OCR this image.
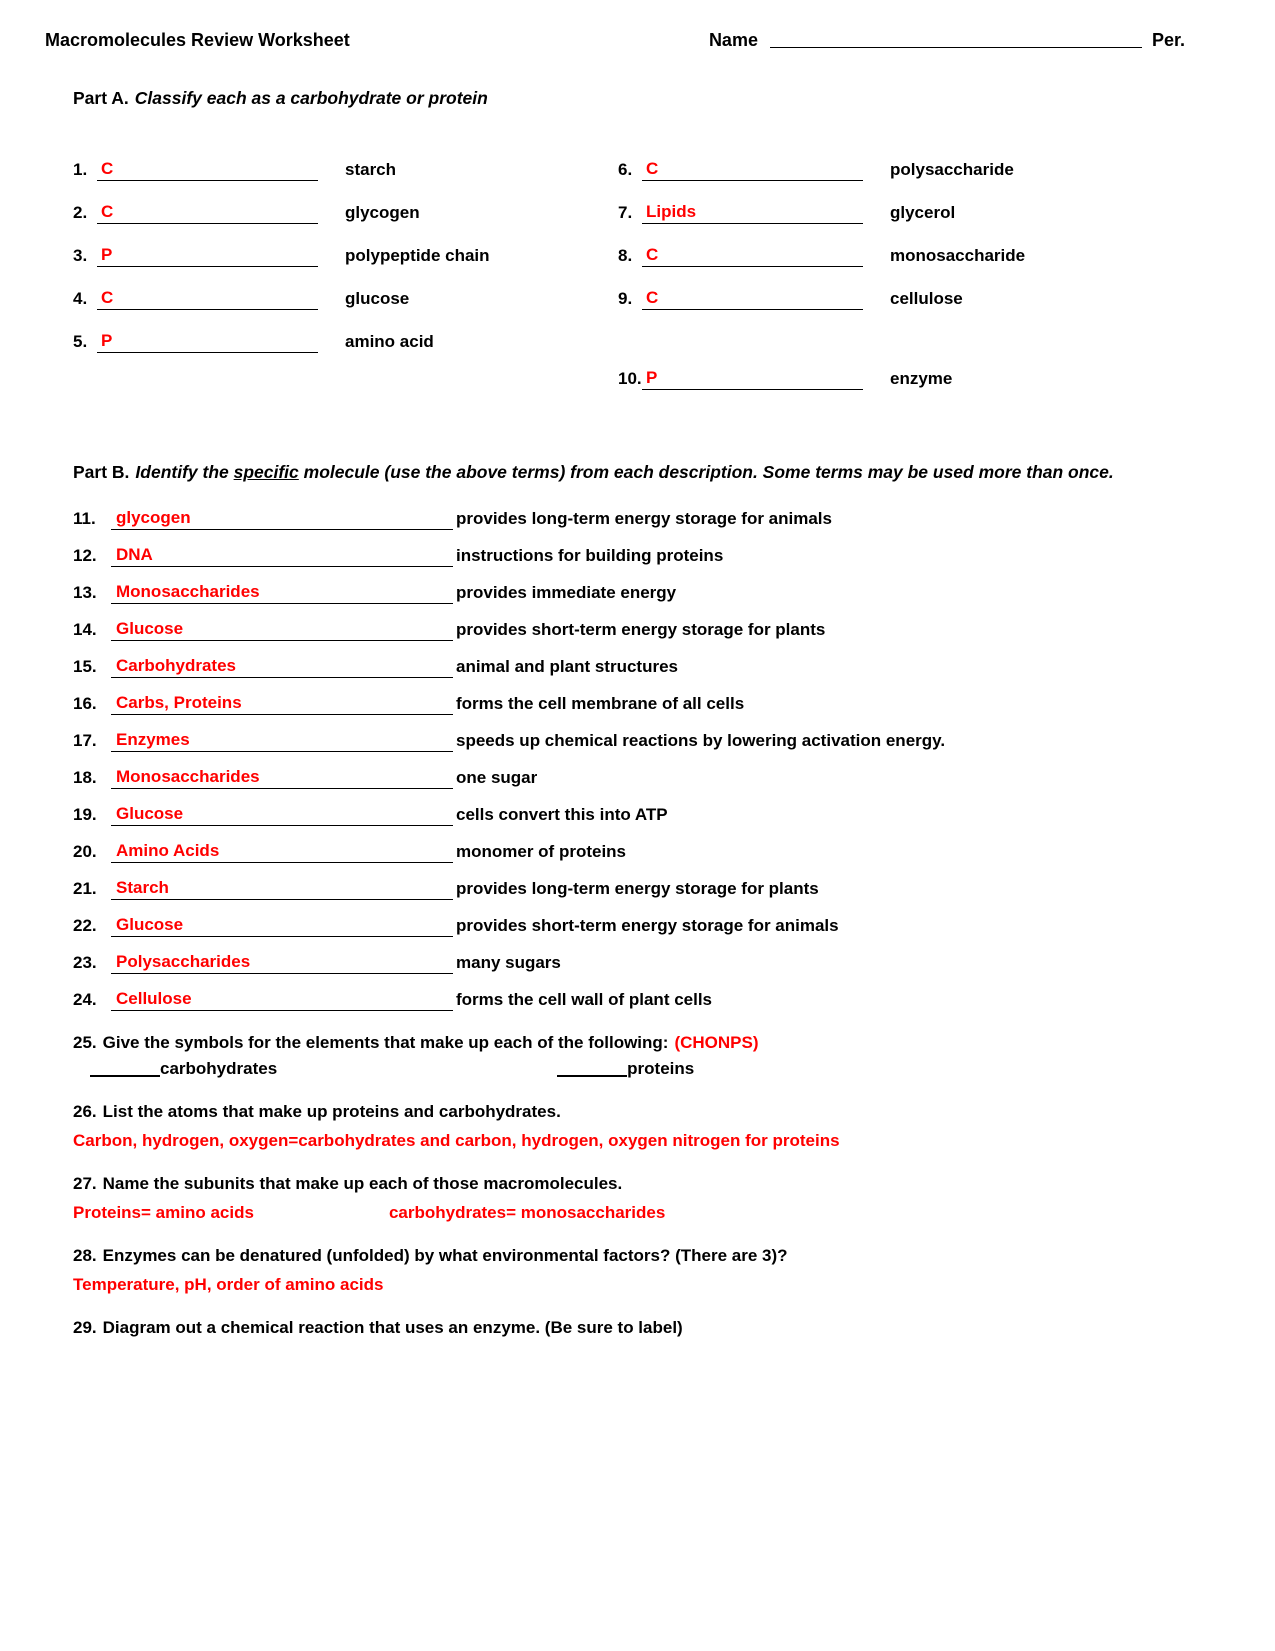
Macromolecules Review Worksheet	Name	Per.
Part A. Classify each as a carbohydrate or protein
1. C	starch
2. C	glycogen
3. P	polypeptide chain
4. C	glucose
5. P	amino acid
6. C	polysaccharide
7. Lipids	glycerol
8. C	monosaccharide
9. C	cellulose
10. P	enzyme
Part B. Identify the specific molecule (use the above terms) from each description. Some terms may be used more than once.
11.	glycogen	provides long-term energy storage for animals
12.	DNA	instructions for building proteins
13.	Monosaccharides	provides immediate energy
14.	Glucose	provides short-term energy storage for plants
15.	Carbohydrates	animal and plant structures
16.	Carbs, Proteins	forms the cell membrane of all cells
17.	Enzymes	speeds up chemical reactions by lowering activation energy.
18.	Monosaccharides	one sugar
19.	Glucose	cells convert this into ATP
20.	Amino Acids	monomer of proteins
21.	Starch	provides long-term energy storage for plants
22.	Glucose	provides short-term energy storage for animals
23.	Polysaccharides	many sugars
24.	Cellulose	forms the cell wall of plant cells
25. Give the symbols for the elements that make up each of the following: (CHONPS)
carbohydrates	proteins
26. List the atoms that make up proteins and carbohydrates.
Carbon, hydrogen, oxygen=carbohydrates and carbon, hydrogen, oxygen nitrogen for proteins
27. Name the subunits that make up each of those macromolecules.
Proteins= amino acids	carbohydrates= monosaccharides
28. Enzymes can be denatured (unfolded) by what environmental factors? (There are 3)?
Temperature, pH, order of amino acids
29. Diagram out a chemical reaction that uses an enzyme. (Be sure to label)
